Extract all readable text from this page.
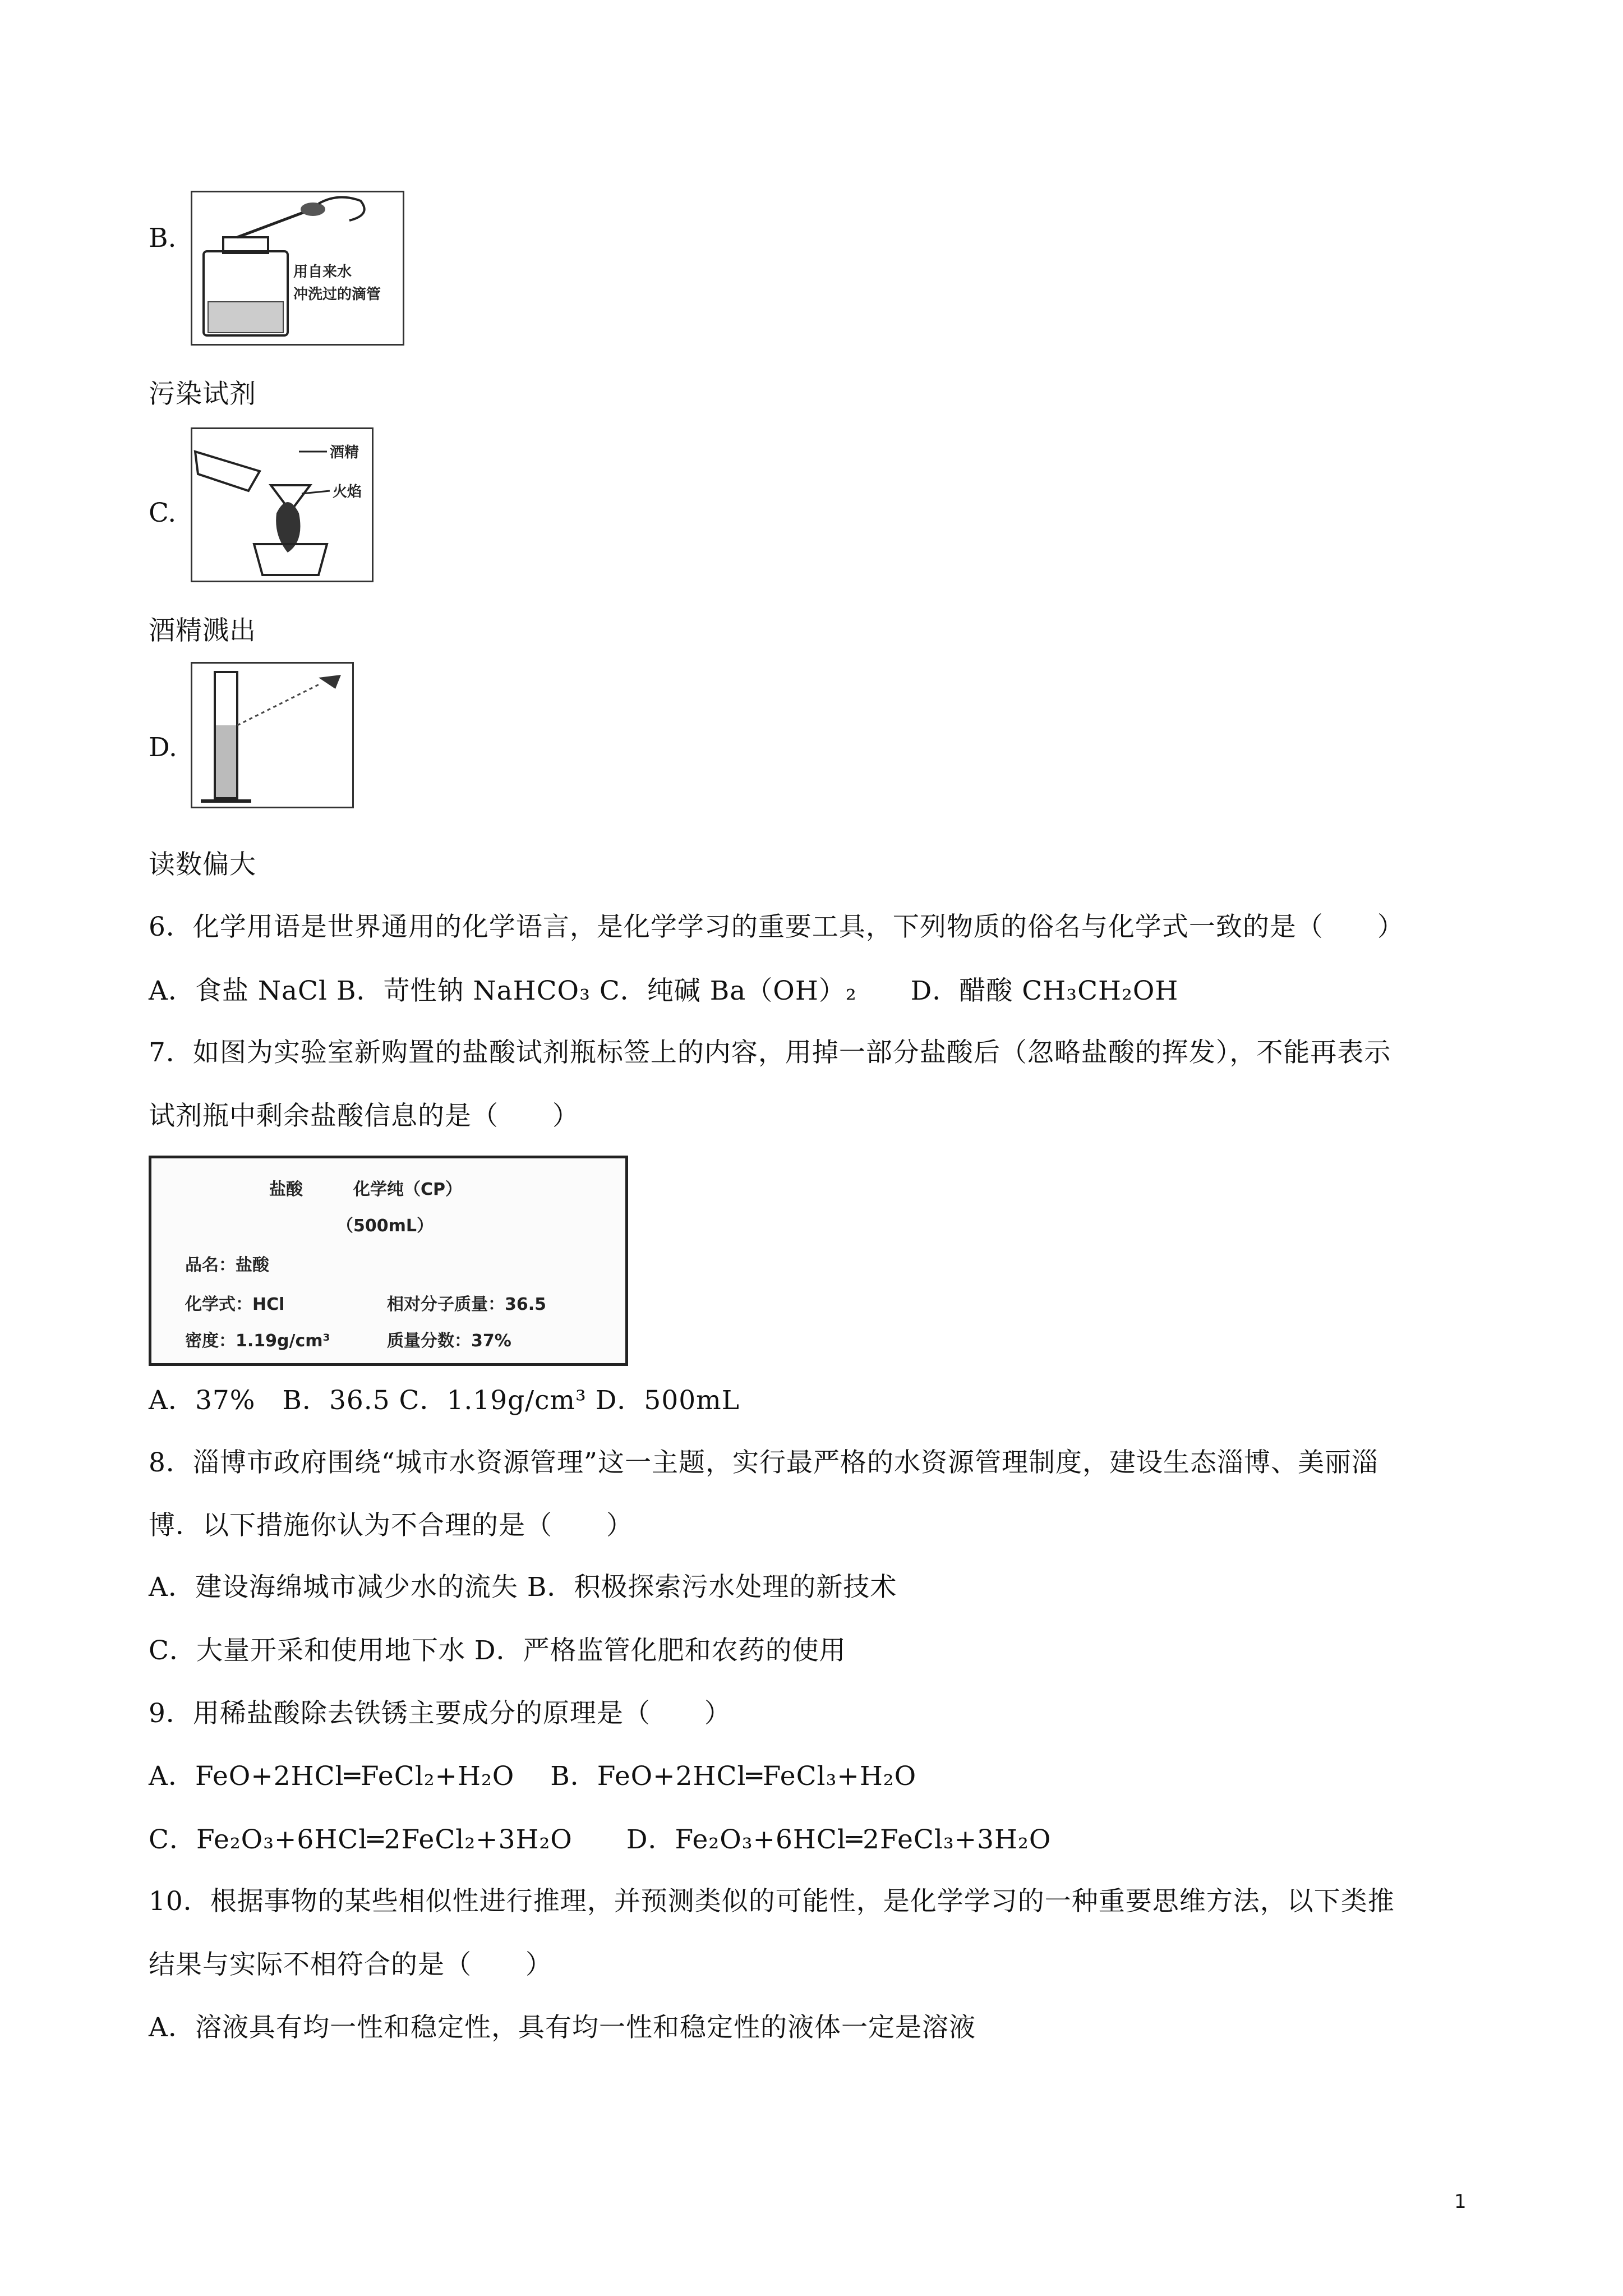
B.
用自来水
冲洗过的滴管
污染试剂
C.
酒精
火焰
酒精溅出
D.
读数偏大
6．化学用语是世界通用的化学语言，是化学学习的重要工具，下列物质的俗名与化学式一致的是（　　）
A．食盐 NaCl B．苛性钠 NaHCO₃ C．纯碱 Ba（OH）₂　　D．醋酸 CH₃CH₂OH
7．如图为实验室新购置的盐酸试剂瓶标签上的内容，用掉一部分盐酸后（忽略盐酸的挥发），不能再表示
试剂瓶中剩余盐酸信息的是（　　）
盐酸	化学纯（CP）
（500mL）
品名：盐酸
化学式：HCl	相对分子质量：36.5
密度：1.19g/cm³	质量分数：37%
A．37%　B．36.5 C．1.19g/cm³ D．500mL
8．淄博市政府围绕“城市水资源管理”这一主题，实行最严格的水资源管理制度，建设生态淄博、美丽淄
博．以下措施你认为不合理的是（　　）
A．建设海绵城市减少水的流失 B．积极探索污水处理的新技术
C．大量开采和使用地下水 D．严格监管化肥和农药的使用
9．用稀盐酸除去铁锈主要成分的原理是（　　）
A．FeO+2HCl═FeCl₂+H₂O　 B．FeO+2HCl═FeCl₃+H₂O
C．Fe₂O₃+6HCl═2FeCl₂+3H₂O　　D．Fe₂O₃+6HCl═2FeCl₃+3H₂O
10．根据事物的某些相似性进行推理，并预测类似的可能性，是化学学习的一种重要思维方法，以下类推
结果与实际不相符合的是（　　）
A．溶液具有均一性和稳定性，具有均一性和稳定性的液体一定是溶液
1
